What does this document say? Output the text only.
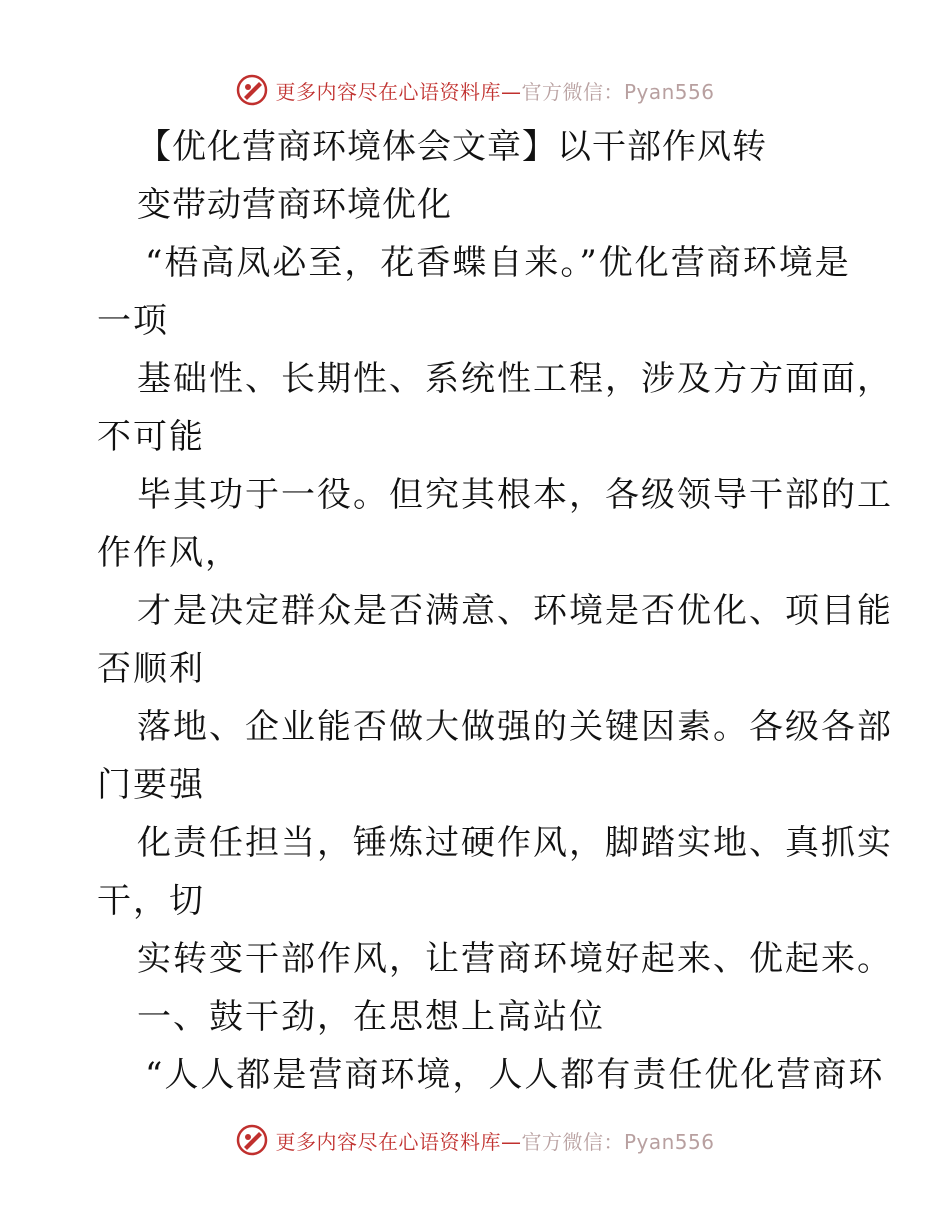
更多内容尽在心语资料库—官方微信：Pyan556
【优化营商环境体会文章】以干部作风转
变带动营商环境优化
“梧高凤必至，花香蝶自来。”优化营商环境是
一项
基础性、长期性、系统性工程，涉及方方面面，
不可能
毕其功于一役。但究其根本，各级领导干部的工
作作风，
才是决定群众是否满意、环境是否优化、项目能
否顺利
落地、企业能否做大做强的关键因素。各级各部
门要强
化责任担当，锤炼过硬作风，脚踏实地、真抓实
干，切
实转变干部作风，让营商环境好起来、优起来。
一、鼓干劲，在思想上高站位
“人人都是营商环境，人人都有责任优化营商环
更多内容尽在心语资料库—官方微信：Pyan556
